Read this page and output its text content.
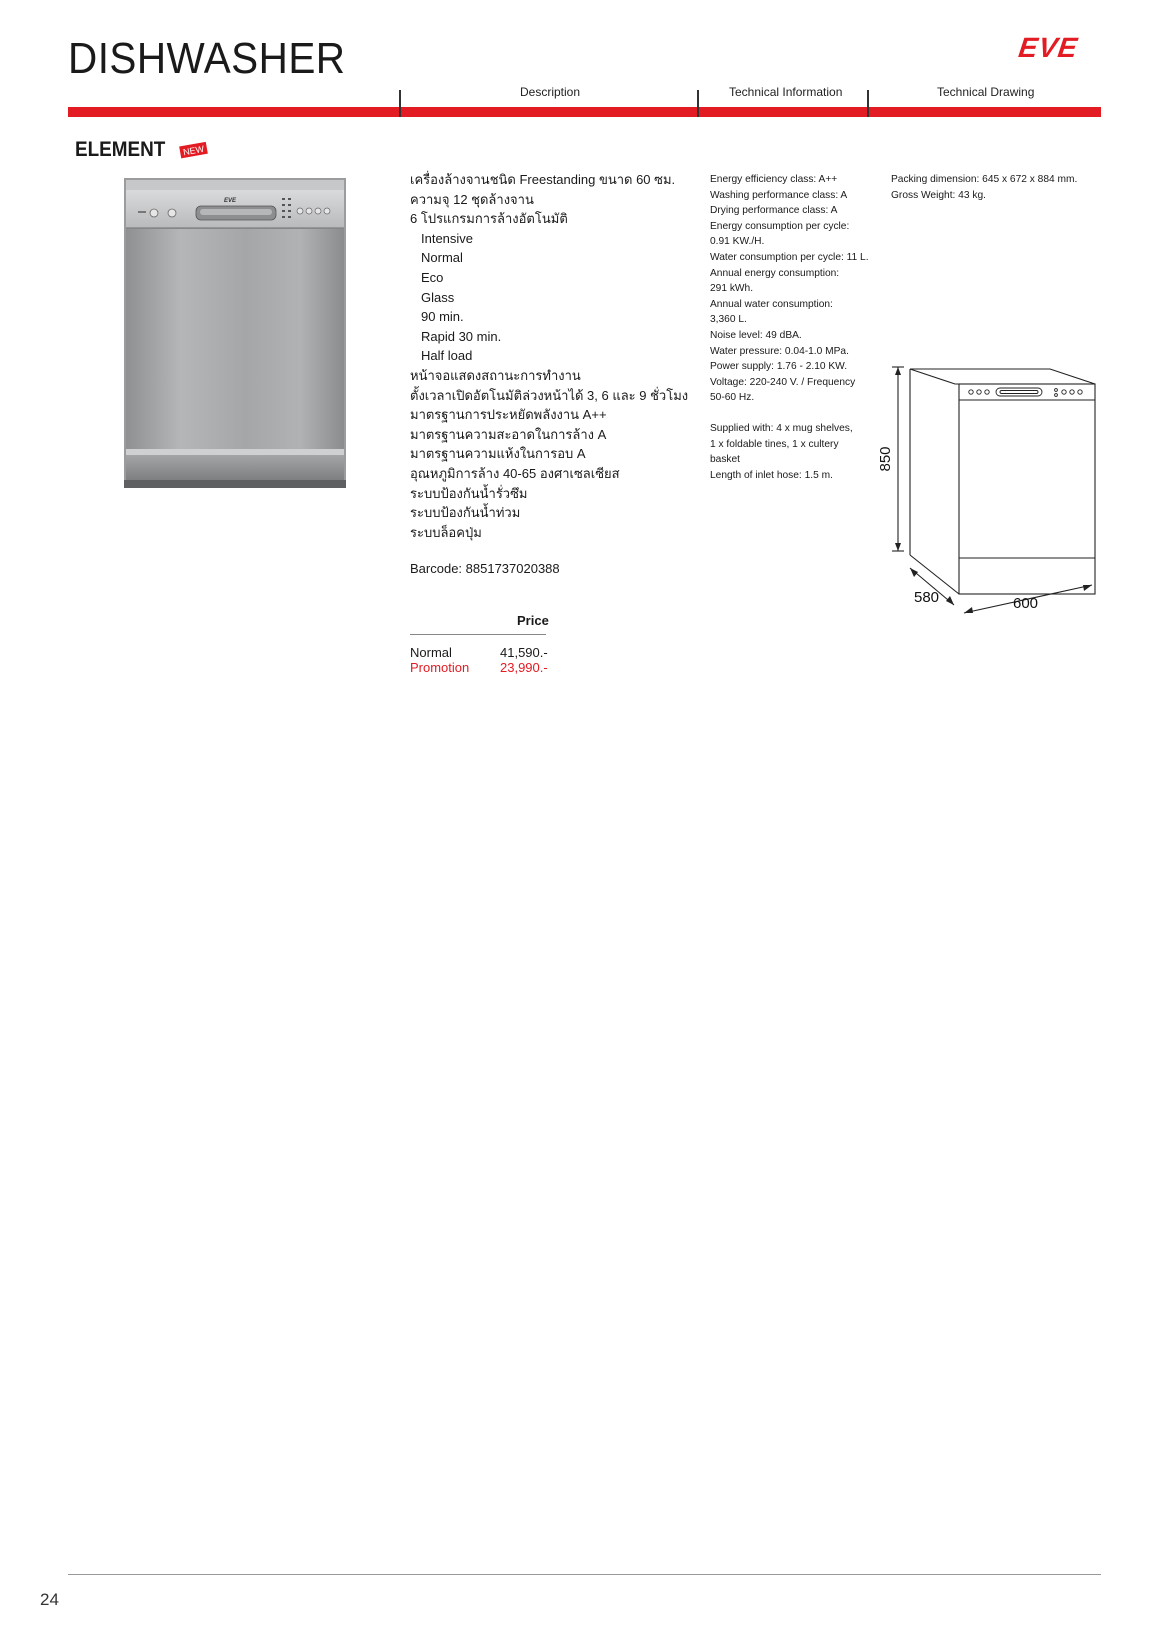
DISHWASHER	EVE
Description	Technical Information	Technical Drawing
ELEMENT NEW
EVE
เครื่องล้างจานชนิด Freestanding ขนาด 60 ซม.
ความจุ 12 ชุดล้างจาน
6 โปรแกรมการล้างอัตโนมัติ
Intensive
Normal
Eco
Glass
90 min.
Rapid 30 min.
Half load
หน้าจอแสดงสถานะการทำงาน
ตั้งเวลาเปิดอัตโนมัติล่วงหน้าได้ 3, 6 และ 9 ชั่วโมง
มาตรฐานการประหยัดพลังงาน A++
มาตรฐานความสะอาดในการล้าง A
มาตรฐานความแห้งในการอบ A
อุณหภูมิการล้าง 40-65 องศาเซลเซียส
ระบบป้องกันน้ำรั่วซึม
ระบบป้องกันน้ำท่วม
ระบบล็อคปุ่ม
Barcode: 8851737020388
Price
Normal	41,590.-
Promotion 23,990.-
Energy efficiency class: A++
Washing performance class: A
Drying performance class: A
Energy consumption per cycle:
0.91 KW./H.
Water consumption per cycle: 11 L.
Annual energy consumption:
291 kWh.
Annual water consumption:
3,360 L.
Noise level: 49 dBA.
Water pressure: 0.04-1.0 MPa.
Power supply: 1.76 - 2.10 KW.
Voltage: 220-240 V. / Frequency
50-60 Hz.
Supplied with: 4 x mug shelves,
1 x foldable tines, 1 x cultery
basket
Length of inlet hose: 1.5 m.
Packing dimension: 645 x 672 x 884 mm.
Gross Weight: 43 kg.
850
580	600
24
